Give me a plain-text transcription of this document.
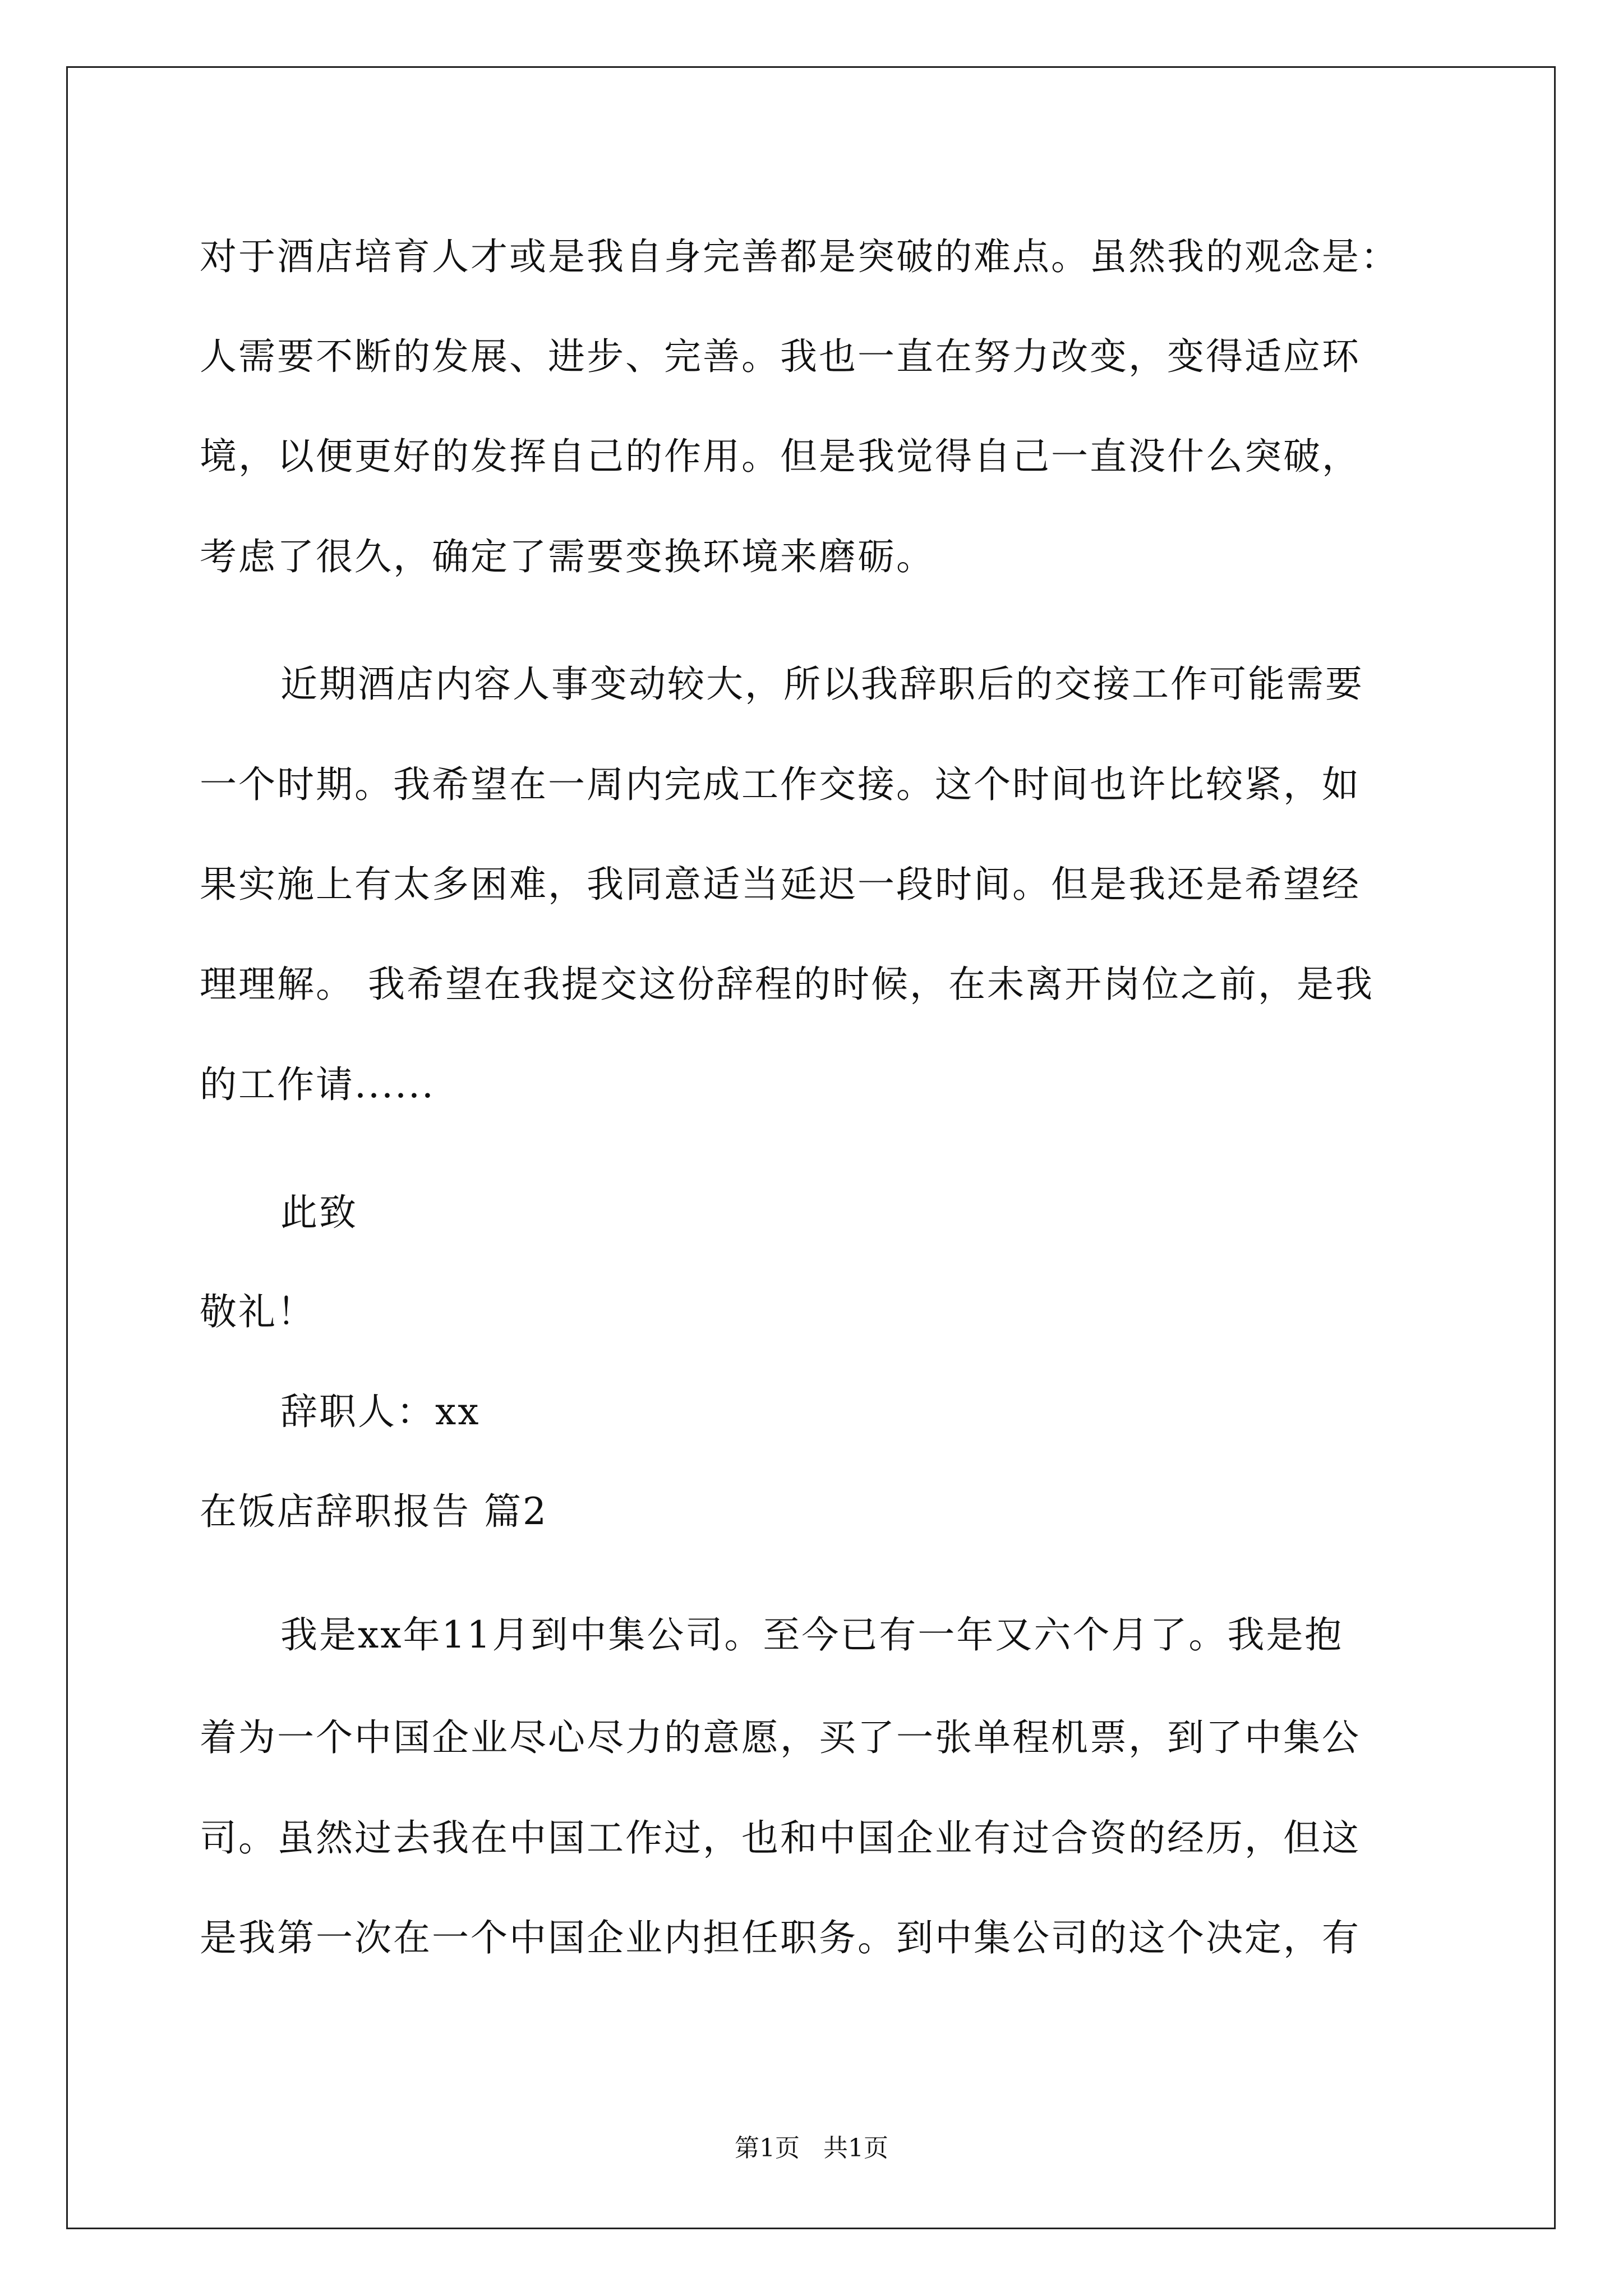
对于酒店培育人才或是我自身完善都是突破的难点。虽然我的观念是：
人需要不断的发展、进步、完善。我也一直在努力改变，变得适应环
境，以便更好的发挥自己的作用。但是我觉得自己一直没什么突破，
考虑了很久，确定了需要变换环境来磨砺。
近期酒店内容人事变动较大，所以我辞职后的交接工作可能需要
一个时期。我希望在一周内完成工作交接。这个时间也许比较紧，如
果实施上有太多困难，我同意适当延迟一段时间。但是我还是希望经
理理解。 我希望在我提交这份辞程的时候，在未离开岗位之前，是我
的工作请......
此致
敬礼！
辞职人：xx
在饭店辞职报告 篇2
我是xx年11月到中集公司。至今已有一年又六个月了。我是抱
着为一个中国企业尽心尽力的意愿，买了一张单程机票，到了中集公
司。虽然过去我在中国工作过，也和中国企业有过合资的经历，但这
是我第一次在一个中国企业内担任职务。到中集公司的这个决定，有
第1页   共1页
